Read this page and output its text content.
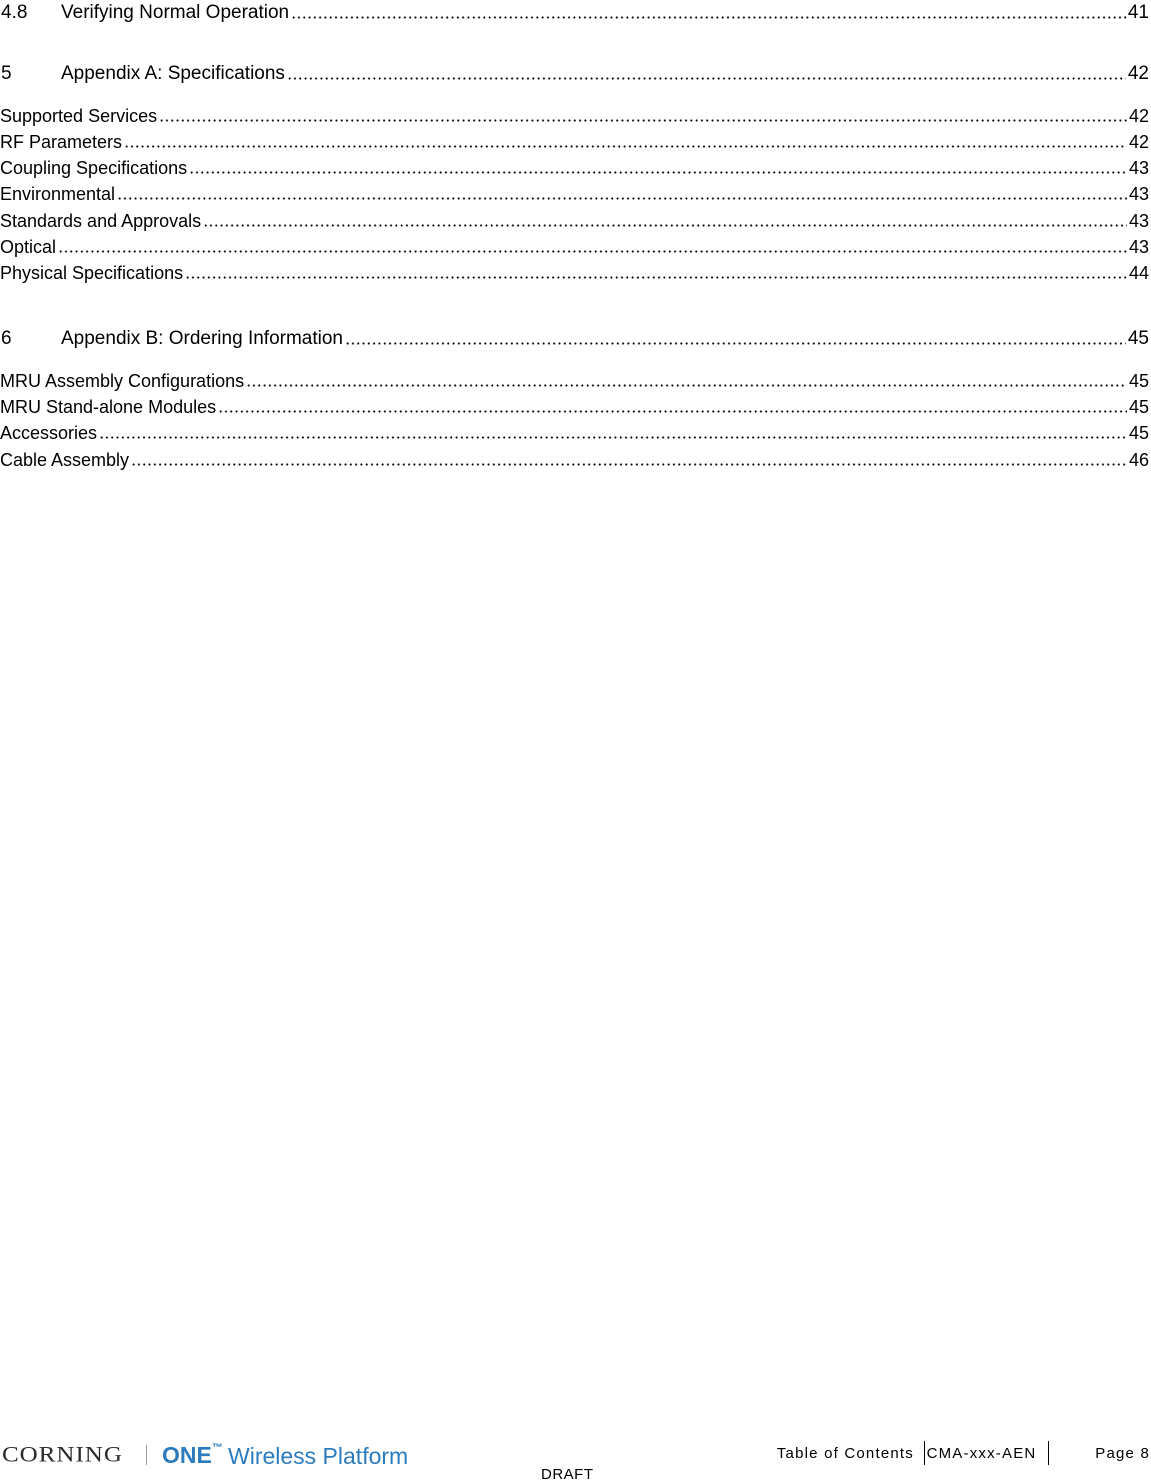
4.8	Verifying Normal Operation	41
5	Appendix A: Specifications	42
Supported Services	42
RF Parameters	42
Coupling Specifications	43
Environmental	43
Standards and Approvals	43
Optical	43
Physical Specifications	44
6	Appendix B: Ordering Information	45
MRU Assembly Configurations	45
MRU Stand-alone Modules	45
Accessories	45
Cable Assembly	46
CORNING ONE™ Wireless Platform	Table of Contents CMA-xxx-AEN	Page 8
DRAFT
